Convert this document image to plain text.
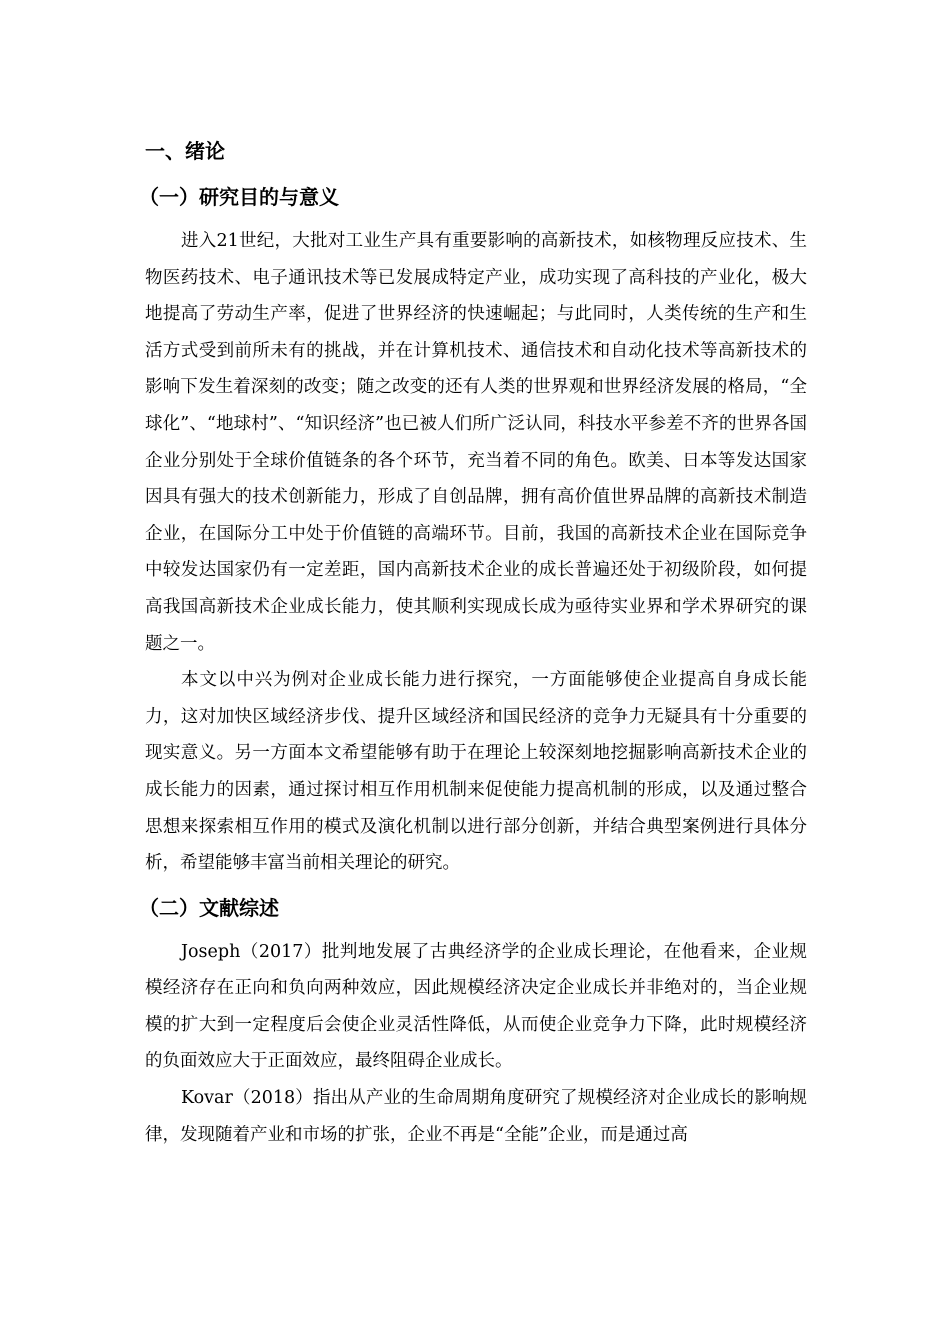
一、绪论
（一）研究目的与意义

进入21世纪，大批对工业生产具有重要影响的高新技术，如核物理反应技术、生物医药技术、电子通讯技术等已发展成特定产业，成功实现了高科技的产业化，极大地提高了劳动生产率，促进了世界经济的快速崛起；与此同时，人类传统的生产和生活方式受到前所未有的挑战，并在计算机技术、通信技术和自动化技术等高新技术的影响下发生着深刻的改变；随之改变的还有人类的世界观和世界经济发展的格局，“全球化”、“地球村”、“知识经济”也已被人们所广泛认同，科技水平参差不齐的世界各国企业分别处于全球价值链条的各个环节，充当着不同的角色。欧美、日本等发达国家因具有强大的技术创新能力，形成了自创品牌，拥有高价值世界品牌的高新技术制造企业，在国际分工中处于价值链的高端环节。目前，我国的高新技术企业在国际竞争中较发达国家仍有一定差距，国内高新技术企业的成长普遍还处于初级阶段，如何提高我国高新技术企业成长能力，使其顺利实现成长成为亟待实业界和学术界研究的课题之一。

本文以中兴为例对企业成长能力进行探究，一方面能够使企业提高自身成长能力，这对加快区域经济步伐、提升区域经济和国民经济的竞争力无疑具有十分重要的现实意义。另一方面本文希望能够有助于在理论上较深刻地挖掘影响高新技术企业的成长能力的因素，通过探讨相互作用机制来促使能力提高机制的形成，以及通过整合思想来探索相互作用的模式及演化机制以进行部分创新，并结合典型案例进行具体分析，希望能够丰富当前相关理论的研究。

（二）文献综述

Joseph（2017）批判地发展了古典经济学的企业成长理论，在他看来，企业规模经济存在正向和负向两种效应，因此规模经济决定企业成长并非绝对的，当企业规模的扩大到一定程度后会使企业灵活性降低，从而使企业竞争力下降，此时规模经济的负面效应大于正面效应，最终阻碍企业成长。

Kovar（2018）指出从产业的生命周期角度研究了规模经济对企业成长的影响规律，发现随着产业和市场的扩张，企业不再是“全能”企业，而是通过高
